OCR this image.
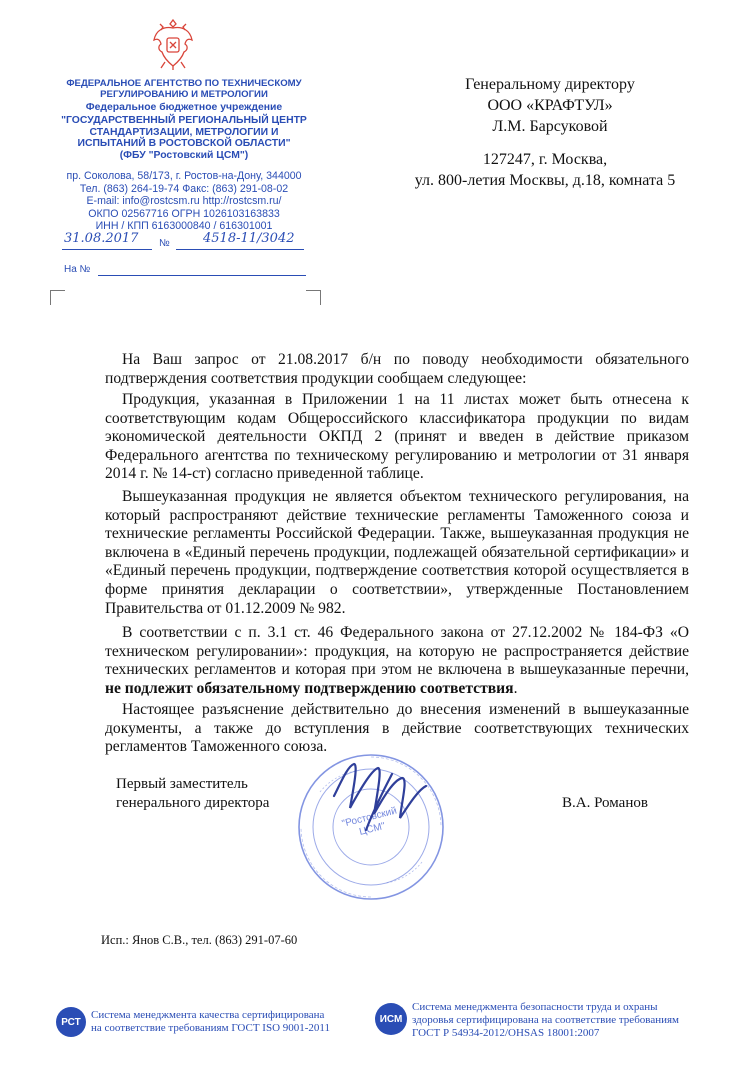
ФЕДЕРАЛЬНОЕ АГЕНТСТВО ПО ТЕХНИЧЕСКОМУ
РЕГУЛИРОВАНИЮ И МЕТРОЛОГИИ
Федеральное бюджетное учреждение
"ГОСУДАРСТВЕННЫЙ РЕГИОНАЛЬНЫЙ ЦЕНТР
СТАНДАРТИЗАЦИИ, МЕТРОЛОГИИ И
ИСПЫТАНИЙ В РОСТОВСКОЙ ОБЛАСТИ"
(ФБУ "Ростовский ЦСМ")
пр. Соколова, 58/173, г. Ростов-на-Дону, 344000
Тел. (863) 264-19-74 Факс: (863) 291-08-02
E-mail: info@rostcsm.ru http://rostcsm.ru/
ОКПО 02567716 ОГРН 1026103163833
ИНН / КПП 6163000840 / 616301001
31.08.2017 №	4518-11/3042
На №
Генеральному директору
ООО «КРАФТУЛ»
Л.М. Барсуковой
127247, г. Москва,
ул. 800-летия Москвы, д.18, комната 5
На Ваш запрос от 21.08.2017 б/н по поводу необходимости обязательного подтверждения соответствия продукции сообщаем следующее:
Продукция, указанная в Приложении 1 на 11 листах может быть отнесена к соответствующим кодам Общероссийского классификатора продукции по видам экономической деятельности ОКПД 2 (принят и введен в действие приказом Федерального агентства по техническому регулированию и метрологии от 31 января 2014 г. № 14-ст) согласно приведенной таблице.
Вышеуказанная продукция не является объектом технического регулирования, на который распространяют действие технические регламенты Таможенного союза и технические регламенты Российской Федерации. Также, вышеуказанная продукция не включена в «Единый перечень продукции, подлежащей обязательной сертификации» и «Единый перечень продукции, подтверждение соответствия которой осуществляется в форме принятия декларации о соответствии», утвержденные Постановлением Правительства от 01.12.2009 № 982.
В соответствии с п. 3.1 ст. 46 Федерального закона от 27.12.2002 № 184-ФЗ «О техническом регулировании»: продукция, на которую не распространяется действие технических регламентов и которая при этом не включена в вышеуказанные перечни, не подлежит обязательному подтверждению соответствия.
Настоящее разъяснение действительно до внесения изменений в вышеуказанные документы, а также до вступления в действие соответствующих технических регламентов Таможенного союза.
Первый заместитель
генерального директора	В.А. Романов
"Ростовский ЦСМ"
Исп.: Янов С.В., тел. (863) 291-07-60
РСТ
Система менеджмента качества сертифицирована
на соответствие требованиям ГОСТ ISO 9001-2011
ИСМ
Система менеджмента безопасности труда и охраны
здоровья сертифицирована на соответствие требованиям
ГОСТ Р 54934-2012/OHSAS 18001:2007
